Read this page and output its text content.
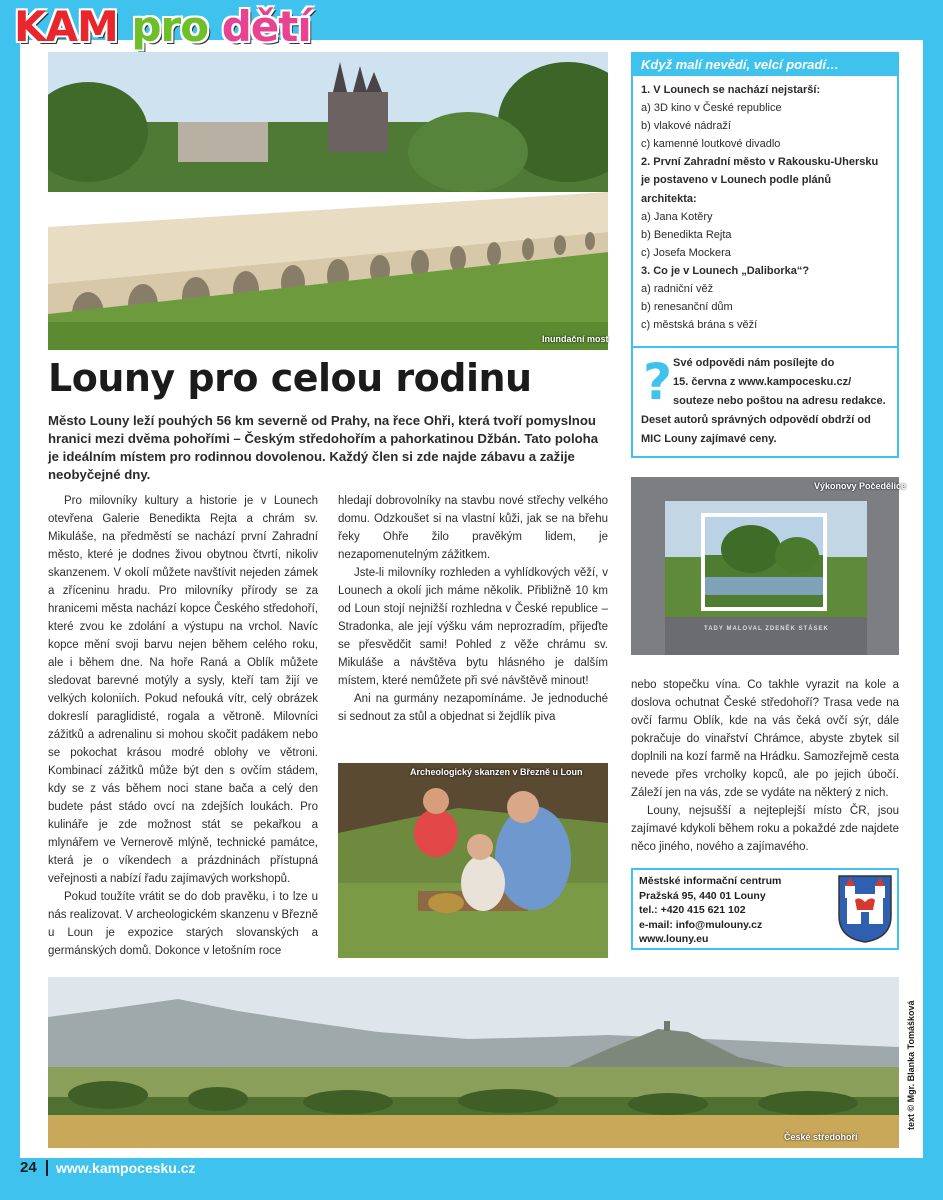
KAM pro dětí
Inundační most
Louny pro celou rodinu

Město Louny leží pouhých 56 km severně od Prahy, na řece Ohři, která tvoří pomyslnou hranici mezi dvěma pohořími – Českým středohořím a pahorkatinou Džbán. Tato poloha je ideálním místem pro rodinnou dovolenou. Každý člen si zde najde zábavu a zažije neobyčejné dny.

Pro milovníky kultury a historie je v Lounech otevřena Galerie Benedikta Rejta a chrám sv. Mikuláše, na předměstí se nachází první Zahradní město, které je dodnes živou obytnou čtvrtí, nikoliv skanzenem. V okolí můžete navštívit nejeden zámek a zříceninu hradu. Pro milovníky přírody se za hranicemi města nachází kopce Českého středohoří, které zvou ke zdolání a výstupu na vrchol. Navíc kopce mění svoji barvu nejen během celého roku, ale i během dne. Na hoře Raná a Oblík můžete sledovat barevné motýly a sysly, kteří tam žijí ve velkých koloniích. Pokud nefouká vítr, celý obrázek dokreslí paraglidisté, rogala a větroně. Milovníci zážitků a adrenalinu si mohou skočit padákem nebo se pokochat krásou modré oblohy ve větroni. Kombinací zážitků může být den s ovčím stádem, kdy se z vás během noci stane bača a celý den budete pást stádo ovcí na zdejších loukách. Pro kulináře je zde možnost stát se pekařkou a mlynářem ve Vernerově mlýně, technické památce, která je o víkendech a prázdninách přístupná veřejnosti a nabízí řadu zajímavých workshopů.

Pokud toužíte vrátit se do dob pravěku, i to lze u nás realizovat. V archeologickém skanzenu v Březně u Loun je expozice starých slovanských a germánských domů. Dokonce v letošním roce

hledají dobrovolníky na stavbu nové střechy velkého domu. Odzkoušet si na vlastní kůži, jak se na břehu řeky Ohře žilo pravěkým lidem, je nezapomenutelným zážitkem.

Jste-li milovníky rozhleden a vyhlídkových věží, v Lounech a okolí jich máme několik. Přibližně 10 km od Loun stojí nejnižší rozhledna v České republice – Stradonka, ale její výšku vám neprozradím, přijeďte se přesvědčit sami! Pohled z věže chrámu sv. Mikuláše a návštěva bytu hlásného je dalším místem, které nemůžete při své návštěvě minout!

Ani na gurmány nezapomínáme. Je jednoduché si sednout za stůl a objednat si žejdlík piva

Archeologický skanzen v Březně u Loun
Když malí nevědí, velcí poradí…
1. V Lounech se nachází nejstarší:
a) 3D kino v České republice
b) vlakové nádraží
c) kamenné loutkové divadlo
2. První Zahradní město v Rakousku-Uhersku je postaveno v Lounech podle plánů architekta:
a) Jana Kotěry
b) Benedikta Rejta
c) Josefa Mockera
3. Co je v Lounech „Daliborka“?
a) radniční věž
b) renesanční dům
c) městská brána s věží
? Své odpovědi nám posílejte do
15. června z www.kampocesku.cz/
souteze nebo poštou na adresu redakce.
Deset autorů správných odpovědí obdrží od MIC Louny zajímavé ceny.
Výkonovy Počedělice
TADY MALOVAL ZDENĚK STÁSEK

nebo stopečku vína. Co takhle vyrazit na kole a doslova ochutnat České středohoří? Trasa vede na ovčí farmu Oblík, kde na vás čeká ovčí sýr, dále pokračuje do vinařství Chrámce, abyste zbytek sil doplnili na kozí farmě na Hrádku. Samozřejmě cesta nevede přes vrcholky kopců, ale po jejich úbočí. Záleží jen na vás, zde se vydáte na některý z nich.

Louny, nejsušší a nejteplejší místo ČR, jsou zajímavé kdykoli během roku a pokaždé zde najdete něco jiného, nového a zajímavého.

Městské informační centrum
Pražská 95, 440 01 Louny
tel.: +420 415 621 102
e-mail: info@mulouny.cz
www.louny.eu
České středohoří
text © Mgr. Blanka Tomášková
24 www.kampocesku.cz
